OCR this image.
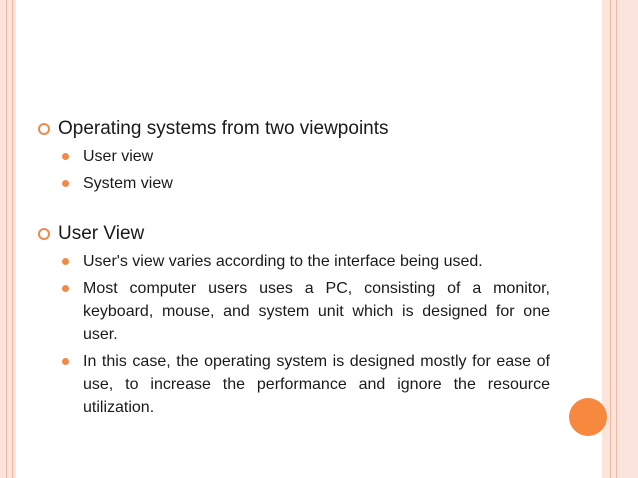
Operating systems from two viewpoints
User view
System view
User View
User's view varies according to the interface being used.
Most computer users uses a PC, consisting of a monitor, keyboard, mouse, and system unit which is designed for one user.
In this case, the operating system is designed mostly for ease of use, to increase the performance and ignore the resource utilization.
